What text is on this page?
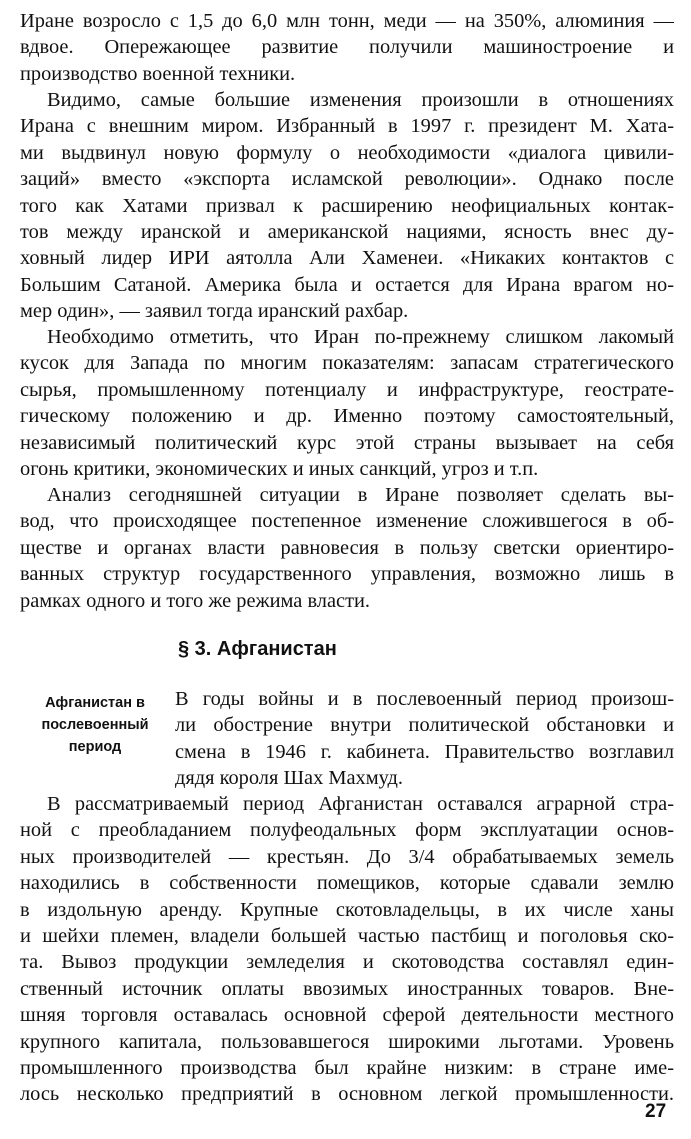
Иране возросло с 1,5 до 6,0 млн тонн, меди — на 350%, алюминия —
вдвое. Опережающее развитие получили машиностроение и
производство военной техники.
Видимо, самые большие изменения произошли в отношениях
Ирана с внешним миром. Избранный в 1997 г. президент М. Хата-
ми выдвинул новую формулу о необходимости «диалога цивили-
заций» вместо «экспорта исламской революции». Однако после
того как Хатами призвал к расширению неофициальных контак-
тов между иранской и американской нациями, ясность внес ду-
ховный лидер ИРИ аятолла Али Хаменеи. «Никаких контактов с
Большим Сатаной. Америка была и остается для Ирана врагом но-
мер один», — заявил тогда иранский рахбар.
Необходимо отметить, что Иран по-прежнему слишком лакомый
кусок для Запада по многим показателям: запасам стратегического
сырья, промышленному потенциалу и инфраструктуре, геострате-
гическому положению и др. Именно поэтому самостоятельный,
независимый политический курс этой страны вызывает на себя
огонь критики, экономических и иных санкций, угроз и т.п.
Анализ сегодняшней ситуации в Иране позволяет сделать вы-
вод, что происходящее постепенное изменение сложившегося в об-
ществе и органах власти равновесия в пользу светски ориентиро-
ванных структур государственного управления, возможно лишь в
рамках одного и того же режима власти.
§ 3. Афганистан
Афганистан в
послевоенный
период
В годы войны и в послевоенный период произош-
ли обострение внутри политической обстановки и
смена в 1946 г. кабинета. Правительство возглавил
дядя короля Шах Махмуд.
В рассматриваемый период Афганистан оставался аграрной стра-
ной с преобладанием полуфеодальных форм эксплуатации основ-
ных производителей — крестьян. До 3/4 обрабатываемых земель
находились в собственности помещиков, которые сдавали землю
в издольную аренду. Крупные скотовладельцы, в их числе ханы
и шейхи племен, владели большей частью пастбищ и поголовья ско-
та. Вывоз продукции земледелия и скотоводства составлял един-
ственный источник оплаты ввозимых иностранных товаров. Вне-
шняя торговля оставалась основной сферой деятельности местного
крупного капитала, пользовавшегося широкими льготами. Уровень
промышленного производства был крайне низким: в стране име-
лось несколько предприятий в основном легкой промышленности.
27
